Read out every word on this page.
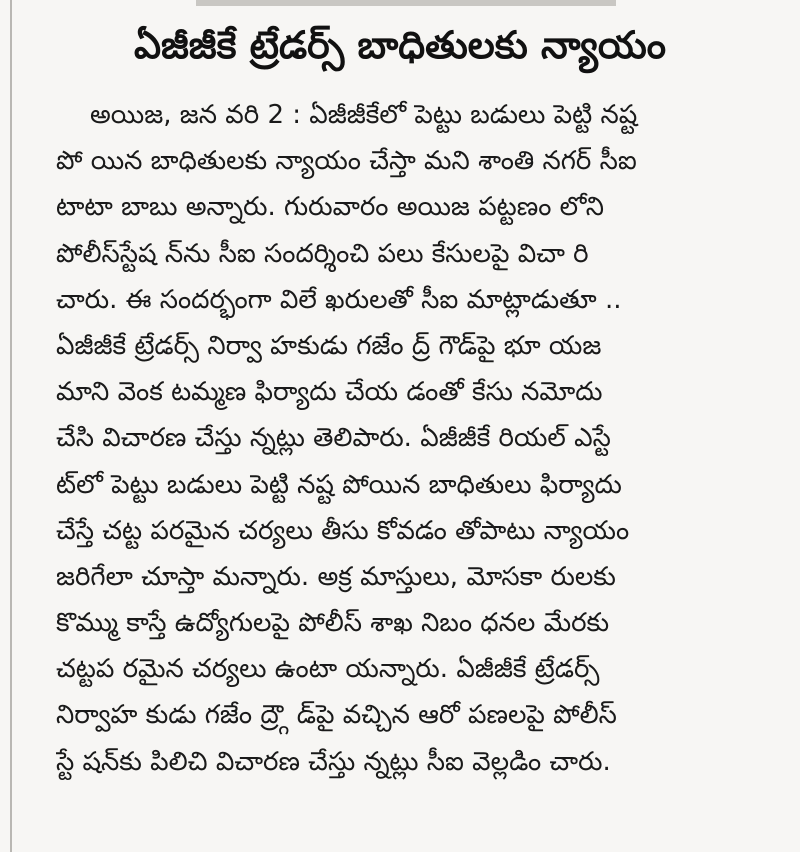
ఏజీజీకే ట్రేడర్స్ బాధితులకు న్యాయం
అయిజ, జన వరి 2 : ఏజీజీకేలో పెట్టు బడులు పెట్టి నష్ట
పో యిన బాధితులకు న్యాయం చేస్తా మని శాంతి నగర్ సీఐ
టాటా బాబు అన్నారు. గురువారం అయిజ పట్టణం లోని
పోలీస్‌స్టేష న్‌ను సీఐ సందర్శించి పలు కేసులపై విచా రి
చారు. ఈ సందర్భంగా విలే ఖరులతో సీఐ మాట్లాడుతూ ..
ఏజీజీకే ట్రేడర్స్ నిర్వా హకుడు గజేం ద్ర్ గౌడ్‌పై భూ యజ
మాని వెంక టమ్మణ ఫిర్యాదు చేయ డంతో కేసు నమోదు
చేసి విచారణ చేస్తు న్నట్లు తెలిపారు. ఏజీజీకే రియల్ ఎస్టే
ట్‌లో పెట్టు బడులు పెట్టి నష్ట పోయిన బాధితులు ఫిర్యాదు
చేస్తే చట్ట పరమైన చర్యలు తీసు కోవడం తోపాటు న్యాయం
జరిగేలా చూస్తా మన్నారు. అక్ర మాస్తులు, మోసకా రులకు
కొమ్ము కాస్తే ఉద్యోగులపై పోలీస్ శాఖ నిబం ధనల మేరకు
చట్టప రమైన చర్యలు ఉంటా యన్నారు. ఏజీజీకే ట్రేడర్స్
నిర్వాహ కుడు గజేం ద్ర్గౌ డ్‌పై వచ్చిన ఆరో పణలపై పోలీస్
స్టే షన్‌కు పిలిచి విచారణ చేస్తు న్నట్లు సీఐ వెల్లడిం చారు.
